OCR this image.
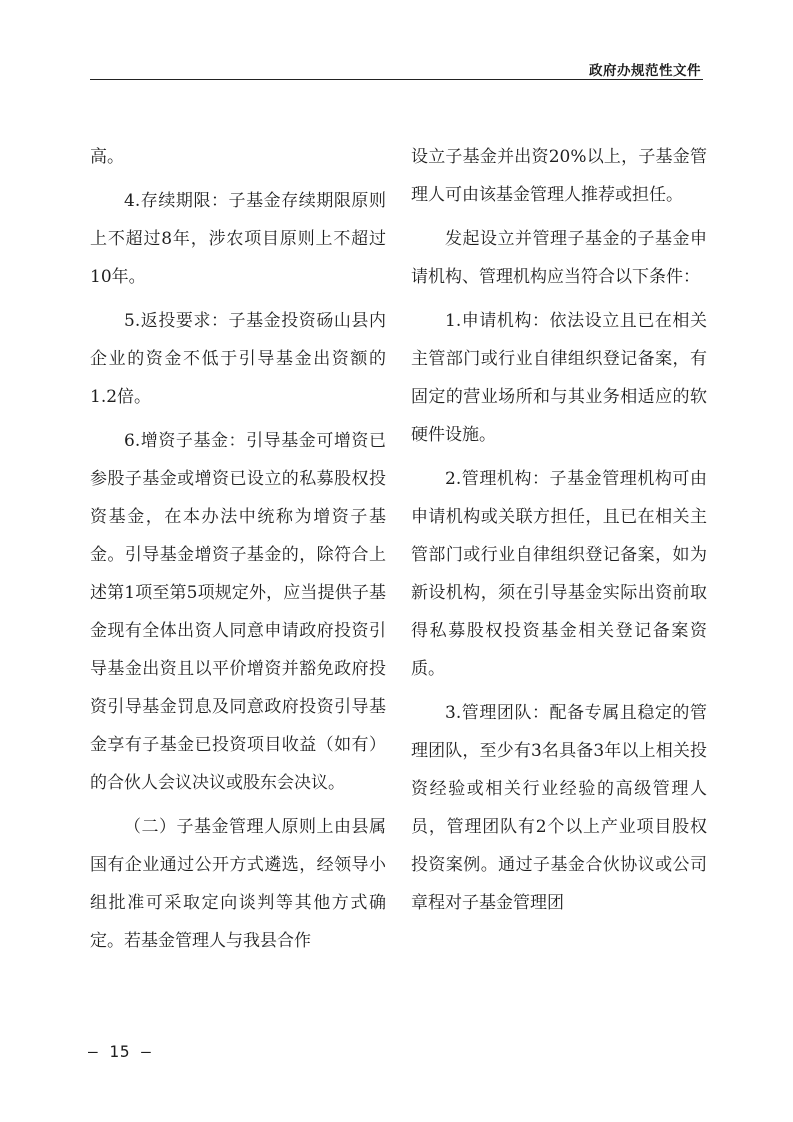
政府办规范性文件

高。

4.存续期限：子基金存续期限原则上不超过8年，涉农项目原则上不超过10年。

5.返投要求：子基金投资砀山县内企业的资金不低于引导基金出资额的1.2倍。

6.增资子基金：引导基金可增资已参股子基金或增资已设立的私募股权投资基金，在本办法中统称为增资子基金。引导基金增资子基金的，除符合上述第1项至第5项规定外，应当提供子基金现有全体出资人同意申请政府投资引导基金出资且以平价增资并豁免政府投资引导基金罚息及同意政府投资引导基金享有子基金已投资项目收益（如有）的合伙人会议决议或股东会决议。

（二）子基金管理人原则上由县属国有企业通过公开方式遴选，经领导小组批准可采取定向谈判等其他方式确定。若基金管理人与我县合作

设立子基金并出资20%以上，子基金管理人可由该基金管理人推荐或担任。

发起设立并管理子基金的子基金申请机构、管理机构应当符合以下条件：

1.申请机构：依法设立且已在相关主管部门或行业自律组织登记备案，有固定的营业场所和与其业务相适应的软硬件设施。

2.管理机构：子基金管理机构可由申请机构或关联方担任，且已在相关主管部门或行业自律组织登记备案，如为新设机构，须在引导基金实际出资前取得私募股权投资基金相关登记备案资质。

3.管理团队：配备专属且稳定的管理团队，至少有3名具备3年以上相关投资经验或相关行业经验的高级管理人员，管理团队有2个以上产业项目股权投资案例。通过子基金合伙协议或公司章程对子基金管理团

– 15 –
